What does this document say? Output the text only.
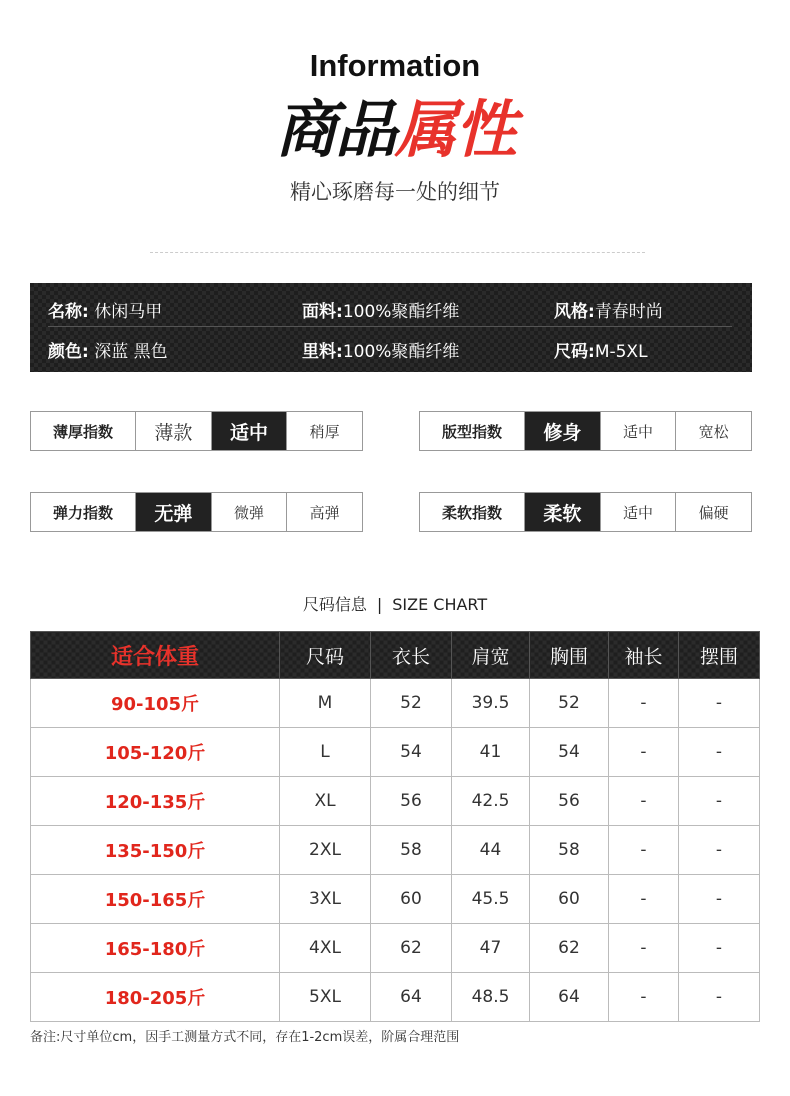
Information
商品属性
精心琢磨每一处的细节
名称: 休闲马甲	面料:100%聚酯纤维	风格:青春时尚
颜色: 深蓝 黑色	里料:100%聚酯纤维	尺码:M-5XL
薄厚指数	薄款	适中	稍厚	版型指数	修身	适中	宽松
弹力指数	无弹	微弹	高弹	柔软指数	柔软	适中	偏硬
尺码信息 | SIZE CHART
适合体重	尺码	衣长	肩宽	胸围	袖长	摆围
90-105斤	M	52	39.5	52	-	-
105-120斤	L	54	41	54	-	-
120-135斤	XL	56	42.5	56	-	-
135-150斤	2XL	58	44	58	-	-
150-165斤	3XL	60	45.5	60	-	-
165-180斤	4XL	62	47	62	-	-
180-205斤	5XL	64	48.5	64	-	-
备注:尺寸单位cm，因手工测量方式不同，存在1-2cm误差，阶属合理范围
